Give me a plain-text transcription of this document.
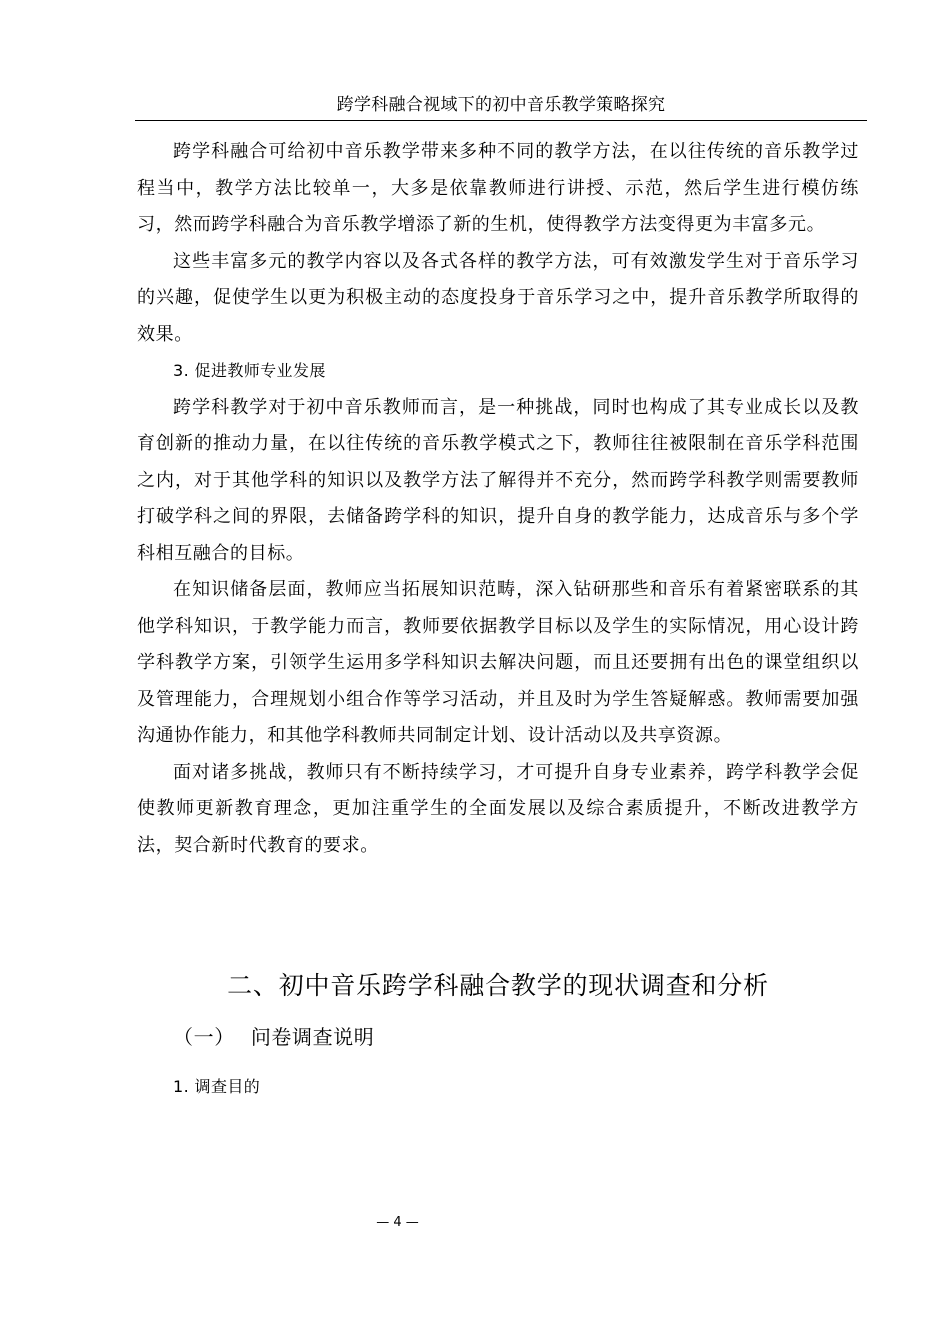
跨学科融合视域下的初中音乐教学策略探究

跨学科融合可给初中音乐教学带来多种不同的教学方法，在以往传统的音乐教学过程当中，教学方法比较单一，大多是依靠教师进行讲授、示范，然后学生进行模仿练习，然而跨学科融合为音乐教学增添了新的生机，使得教学方法变得更为丰富多元。

这些丰富多元的教学内容以及各式各样的教学方法，可有效激发学生对于音乐学习的兴趣，促使学生以更为积极主动的态度投身于音乐学习之中，提升音乐教学所取得的效果。

3. 促进教师专业发展

跨学科教学对于初中音乐教师而言，是一种挑战，同时也构成了其专业成长以及教育创新的推动力量，在以往传统的音乐教学模式之下，教师往往被限制在音乐学科范围之内，对于其他学科的知识以及教学方法了解得并不充分，然而跨学科教学则需要教师打破学科之间的界限，去储备跨学科的知识，提升自身的教学能力，达成音乐与多个学科相互融合的目标。

在知识储备层面，教师应当拓展知识范畴，深入钻研那些和音乐有着紧密联系的其他学科知识，于教学能力而言，教师要依据教学目标以及学生的实际情况，用心设计跨学科教学方案，引领学生运用多学科知识去解决问题，而且还要拥有出色的课堂组织以及管理能力，合理规划小组合作等学习活动，并且及时为学生答疑解惑。教师需要加强沟通协作能力，和其他学科教师共同制定计划、设计活动以及共享资源。

面对诸多挑战，教师只有不断持续学习，才可提升自身专业素养，跨学科教学会促使教师更新教育理念，更加注重学生的全面发展以及综合素质提升，不断改进教学方法，契合新时代教育的要求。

二、初中音乐跨学科融合教学的现状调查和分析
（一） 问卷调查说明
1. 调查目的
— 4 —
